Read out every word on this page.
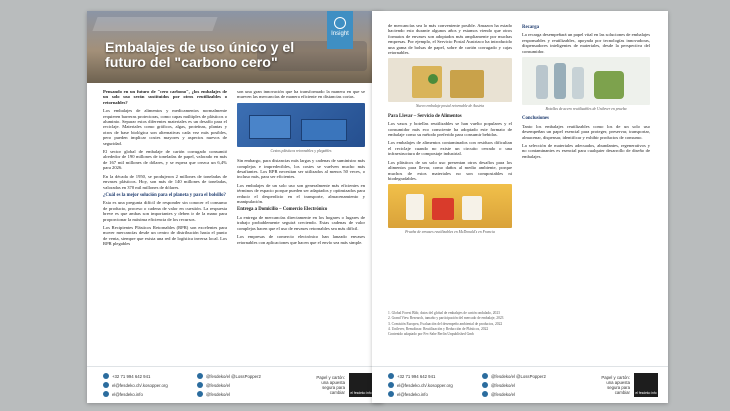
Embalajes de uso único y el
futuro del "carbono cero"
Insight

Pensando en un futuro de "cero carbono", ¿los embalajes de un solo uso serán sustituidos por otros reutilizables o retornables?

Los embalajes de alimentos y medicamentos normalmente requieren barreras protectoras, como capas múltiples de plásticos o aluminio. Separar estos diferentes materiales es un desafío para el reciclaje. Materiales como gráficos, algas, proteínas, plantas y otros de base biológica son alternativas cada vez más posibles, pero pueden implicar costes mayores y aspectos nuevos de seguridad.

El sector global de embalaje de cartón corrugado consumió alrededor de 190 millones de toneladas de papel, valorado en más de 167 mil millones de dólares, y se espera que crezca un 6,4% para 2026.

En la década de 1950, se produjeron 2 millones de toneladas de envases plásticos. Hoy, son más de 140 millones de toneladas, valoradas en 370 mil millones de dólares.

¿Cuál es la mejor solución para el planeta y para el bolsillo?

Esta es una pregunta difícil de responder sin conocer el consumo de producto, proceso o cadena de valor en cuestión. La respuesta breve es que ambas son importantes y deben ir de la mano para proporcionar la máxima eficiencia de los recursos.

Los Recipientes Plásticos Retornables (RPR) son excelentes para mover mercancías desde un centro de distribución hasta el punto de venta, siempre que exista una red de logística inversa local. Los RPR plegables

son una gran innovación que ha transformado la manera en que se mueven las mercancías de manera eficiente en distancias cortas.

Cestos plásticos retornables y plegables

Sin embargo, para distancias más largas y cadenas de suministro más complejas e impredecibles, los costes se vuelven mucho más desafiantes. Los RPR necesitan ser utilizados al menos 50 veces, o incluso más, para ser eficientes.

Los embalajes de un solo uso son generalmente más eficientes en términos de espacio porque pueden ser adaptados y optimizados para reducir el desperdicio en el transporte, almacenamiento y manipulación.

Entrega a Domicilio – Comercio Electrónico

La entrega de mercancías directamente en los hogares o lugares de trabajo probablemente seguirá creciendo. Estas cadenas de valor complejas hacen que el uso de envases retornables sea más difícil.

Los empresas de comercio electrónico han lanzado envases retornables con aplicaciones que hacen que el envío sea más simple.

+32 71 994 642 941
el@fesdeko.ch/.kosopper.org
el@fesdeko.info
@fesdeko/el @LossPopper2
@fesdeko/el
@fesdeko/el
Papel y cartón: una apuesta segura para cambiar el fesdeko info

de mercancías sea lo más conveniente posible. Amazon ha estado haciendo esto durante algunos años y estamos viendo que otros formatos de envases son adoptados más ampliamente por muchas empresas. Por ejemplo, el Servicio Postal Austriaco ha introducido una gama de bolsas de papel, sobre de cartón corrugado y cajas retornables.

Nuevo embalaje postal retornable de Austria

Para Llevar – Servicio de Alimentos

Los vasos y botellas reutilizables se han vuelto populares y el consumidor más eco consciente ha adoptado este formato de embalaje como su método preferido para consumir bebidas.

Los embalajes de alimentos contaminados con residuos dificultan el reciclaje cuando no existe un circuito cerrado o una infraestructura de compostaje industrial.

Los plásticos de un solo uso presentan otros desafíos para los alimentos para llevar, como daños al medio ambiente, porque muchos de estos materiales no son compostables ni biodegradables.

Prueba de envases reutilizables en McDonald's en Francia

Recarga

La recarga desempeñará un papel vital en las soluciones de embalajes responsables y reutilizables, apoyada por tecnologías innovadoras, dispensadores inteligentes de materiales, desde la perspectiva del consumidor.

Botellas de acero reutilizables de Unilever en prueba

Conclusiones

Tanto los embalajes reutilizables como los de un solo uso desempeñan un papel esencial para proteger, preservar, transportar, almacenar, dispensar, identificar y exhibir productos de consumo.

La selección de materiales adecuados, abundantes, regenerativos y no contaminantes es esencial para cualquier desarrollo de diseño de embalajes.

1. Global Forest Bldr, datos del global de embalajes de cartón ondulado, 2023
2. Grand View Research, tamaño y participación del mercado de embalaje, 2023
3. Comisión Europea, Evaluación del desempeño ambiental de productos, 2022
4. Unilever, Remolinas: Reutilización y Reducción de Plásticos, 2022
Contenido adaptado por Fes-Sabe Berlin Unpublished Gmb
+32 71 994 642 941
el@fesdeko.ch/.kosopper.org
el@fesdeko.info
@fesdeko/el @LossPopper2
@fesdeko/el
@fesdeko/el
Papel y cartón: una apuesta segura para cambiar el fesdeko info
